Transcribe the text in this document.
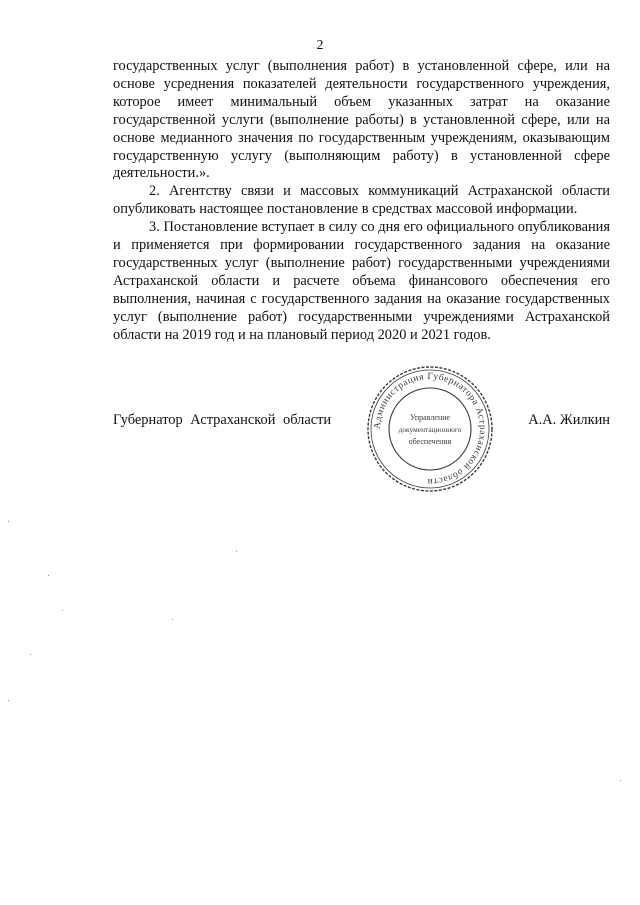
2

государственных услуг (выполнения работ) в установленной сфере, или на основе усреднения показателей деятельности государственного учреждения, которое имеет минимальный объем указанных затрат на оказание государственной услуги (выполнение работы) в установленной сфере, или на основе медианного значения по государственным учреждениям, оказывающим государственную услугу (выполняющим работу) в установленной сфере деятельности.».

2. Агентству связи и массовых коммуникаций Астраханской области опубликовать настоящее постановление в средствах массовой информации.

3. Постановление вступает в силу со дня его официального опубликования и применяется при формировании государственного задания на оказание государственных услуг (выполнение работ) государственными учреждениями Астраханской области и расчете объема финансового обеспечения его выполнения, начиная с государственного задания на оказание государственных услуг (выполнение работ) государственными учреждениями Астраханской области на 2019 год и на плановый период 2020 и 2021 годов.

Губернатор Астраханской области	А.А. Жилкин
Администрация Губернатора Астраханской области
Управление
документационного
обеспечения
